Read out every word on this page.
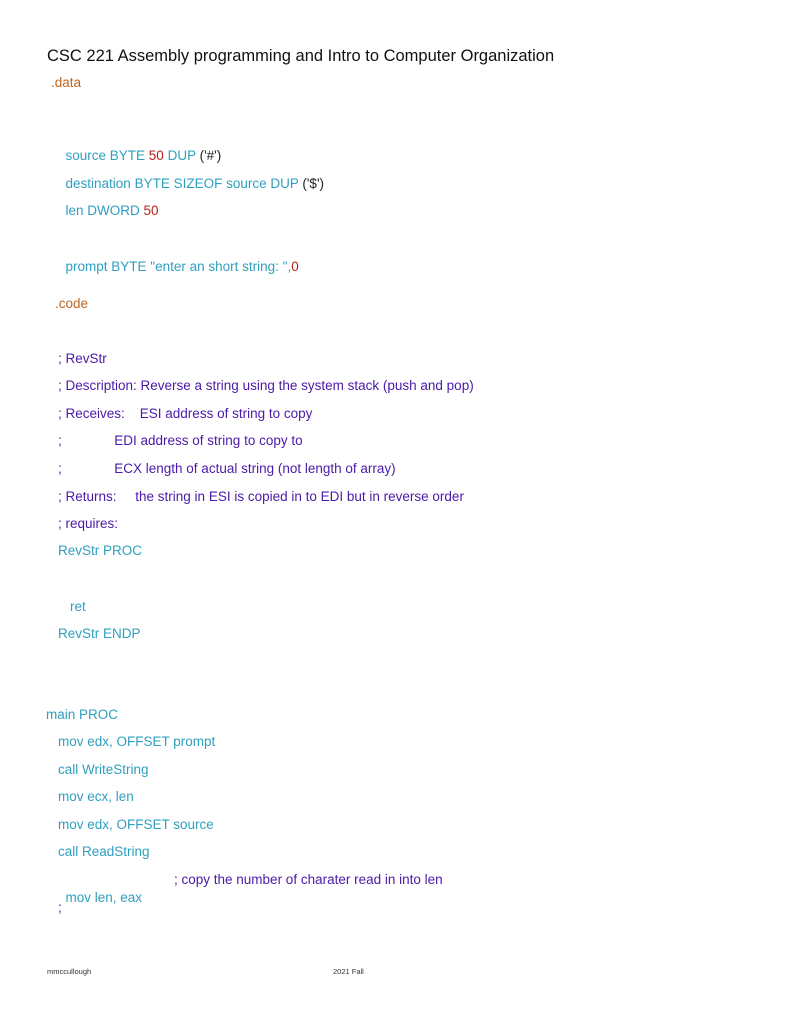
CSC 221 Assembly programming and Intro to Computer Organization
.data

source BYTE 50 DUP ('#')

destination BYTE SIZEOF source DUP ('$')

len DWORD 50

prompt BYTE "enter an short string: ",0

.code
; RevStr
; Description: Reverse a string using the system stack (push and pop)
; Receives:    ESI address of string to copy
;              EDI address of string to copy to
;              ECX length of actual string (not length of array)
; Returns:     the string in ESI is copied in to EDI but in reverse order
; requires:
RevStr PROC
ret
RevStr ENDP
main PROC
mov edx, OFFSET prompt
call WriteString
mov ecx, len
mov edx, OFFSET source
call ReadString

mov len, eax
; copy the number of charater read in into len

;
mmccullough	2021 Fall
